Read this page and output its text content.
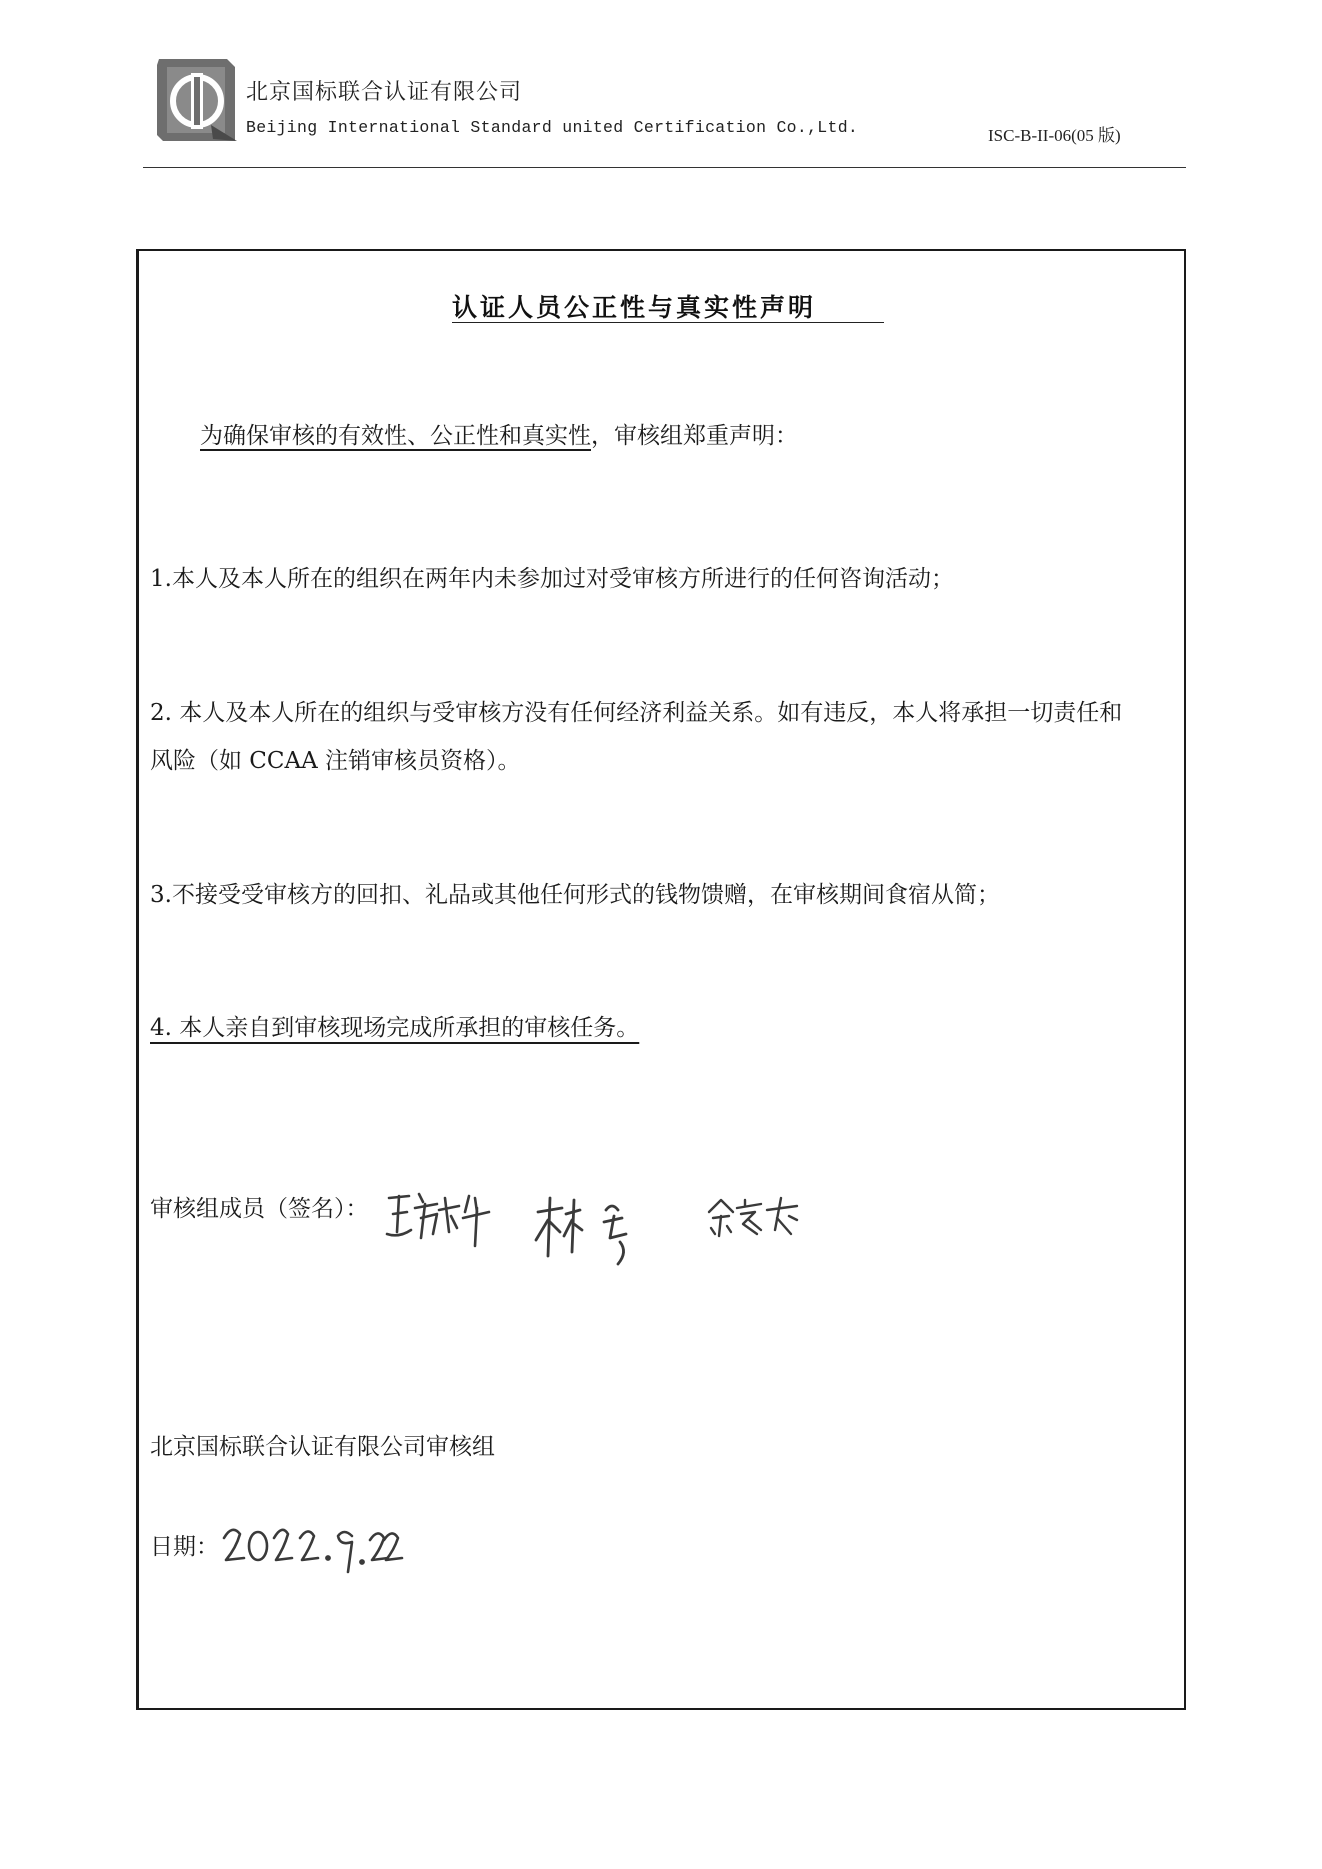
北京国标联合认证有限公司
Beijing International Standard united Certification Co.,Ltd.	ISC-B-II-06(05 版)
认证人员公正性与真实性声明
为确保审核的有效性、公正性和真实性，审核组郑重声明：
1.本人及本人所在的组织在两年内未参加过对受审核方所进行的任何咨询活动；
2. 本人及本人所在的组织与受审核方没有任何经济利益关系。如有违反，本人将承担一切责任和
风险（如 CCAA 注销审核员资格）。
3.不接受受审核方的回扣、礼品或其他任何形式的钱物馈赠，在审核期间食宿从简；
4. 本人亲自到审核现场完成所承担的审核任务。
审核组成员（签名）：
北京国标联合认证有限公司审核组
日期：
